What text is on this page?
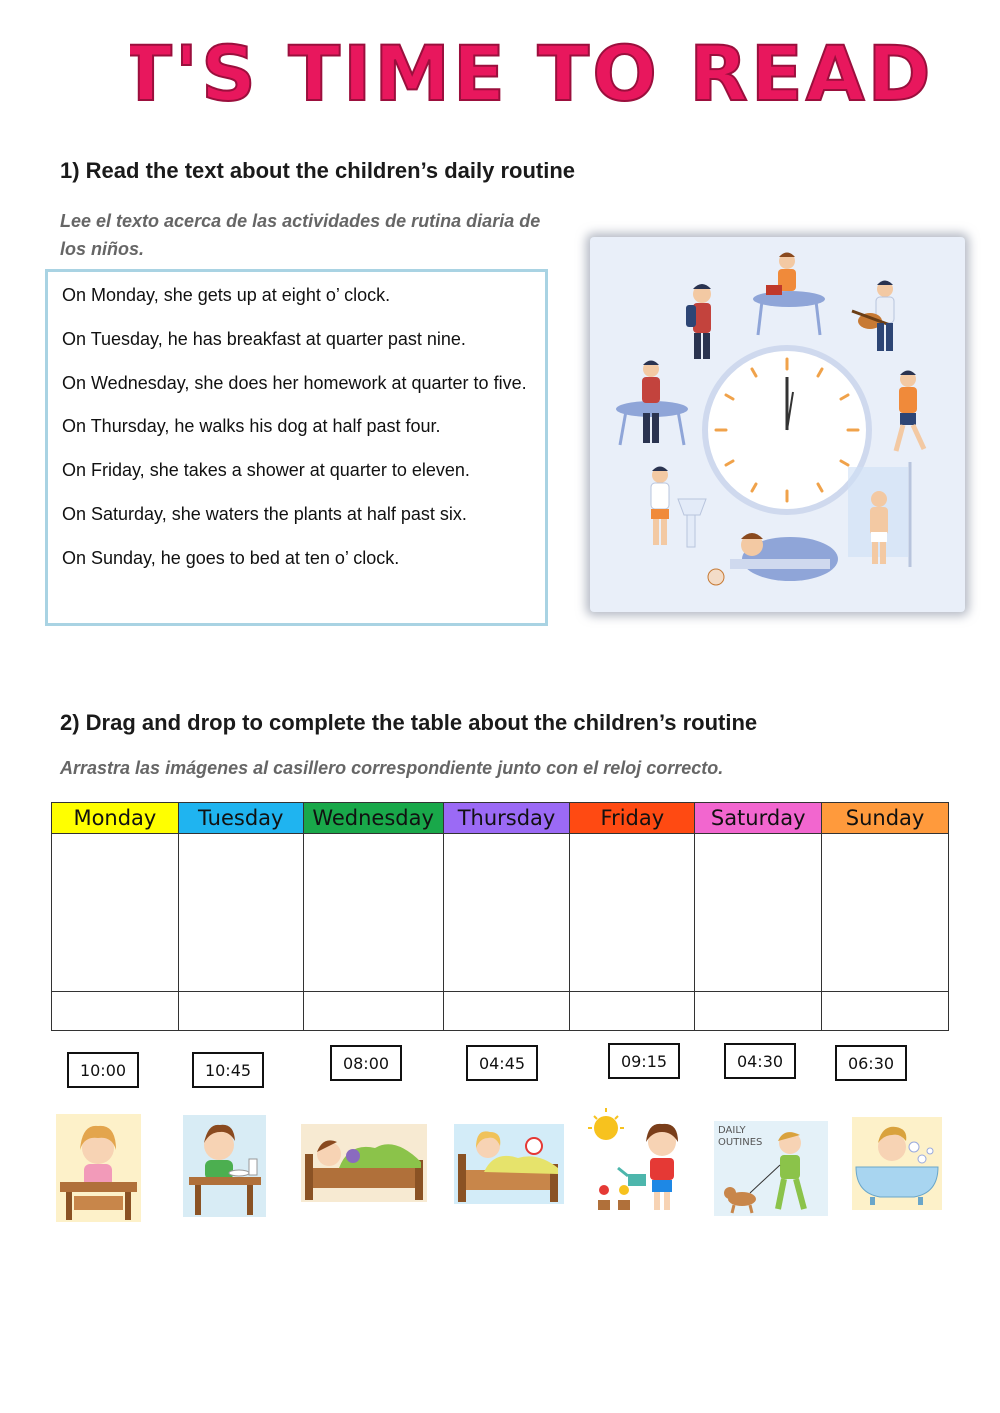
IT'S TIME TO READ!
1) Read the text about the children’s daily routine
Lee el texto acerca de las actividades de rutina diaria de los niños.

On Monday, she gets up at eight o’ clock.

On Tuesday, he has breakfast at quarter past nine.

On Wednesday, she does her homework at quarter to five.

On Thursday, he walks his dog at half past four.

On Friday, she takes a shower at quarter to eleven.

On Saturday, she waters the plants at half past six.

On Sunday, he goes to bed at ten o’ clock.

2) Drag and drop to complete the table about the children’s routine
Arrastra las imágenes al casillero correspondiente junto con el reloj correcto.
Monday	Tuesday	Wednesday	Thursday	Friday	Saturday	Sunday

10:00	10:45	08:00	04:45	09:15	04:30	06:30
DAILY OUTINES
